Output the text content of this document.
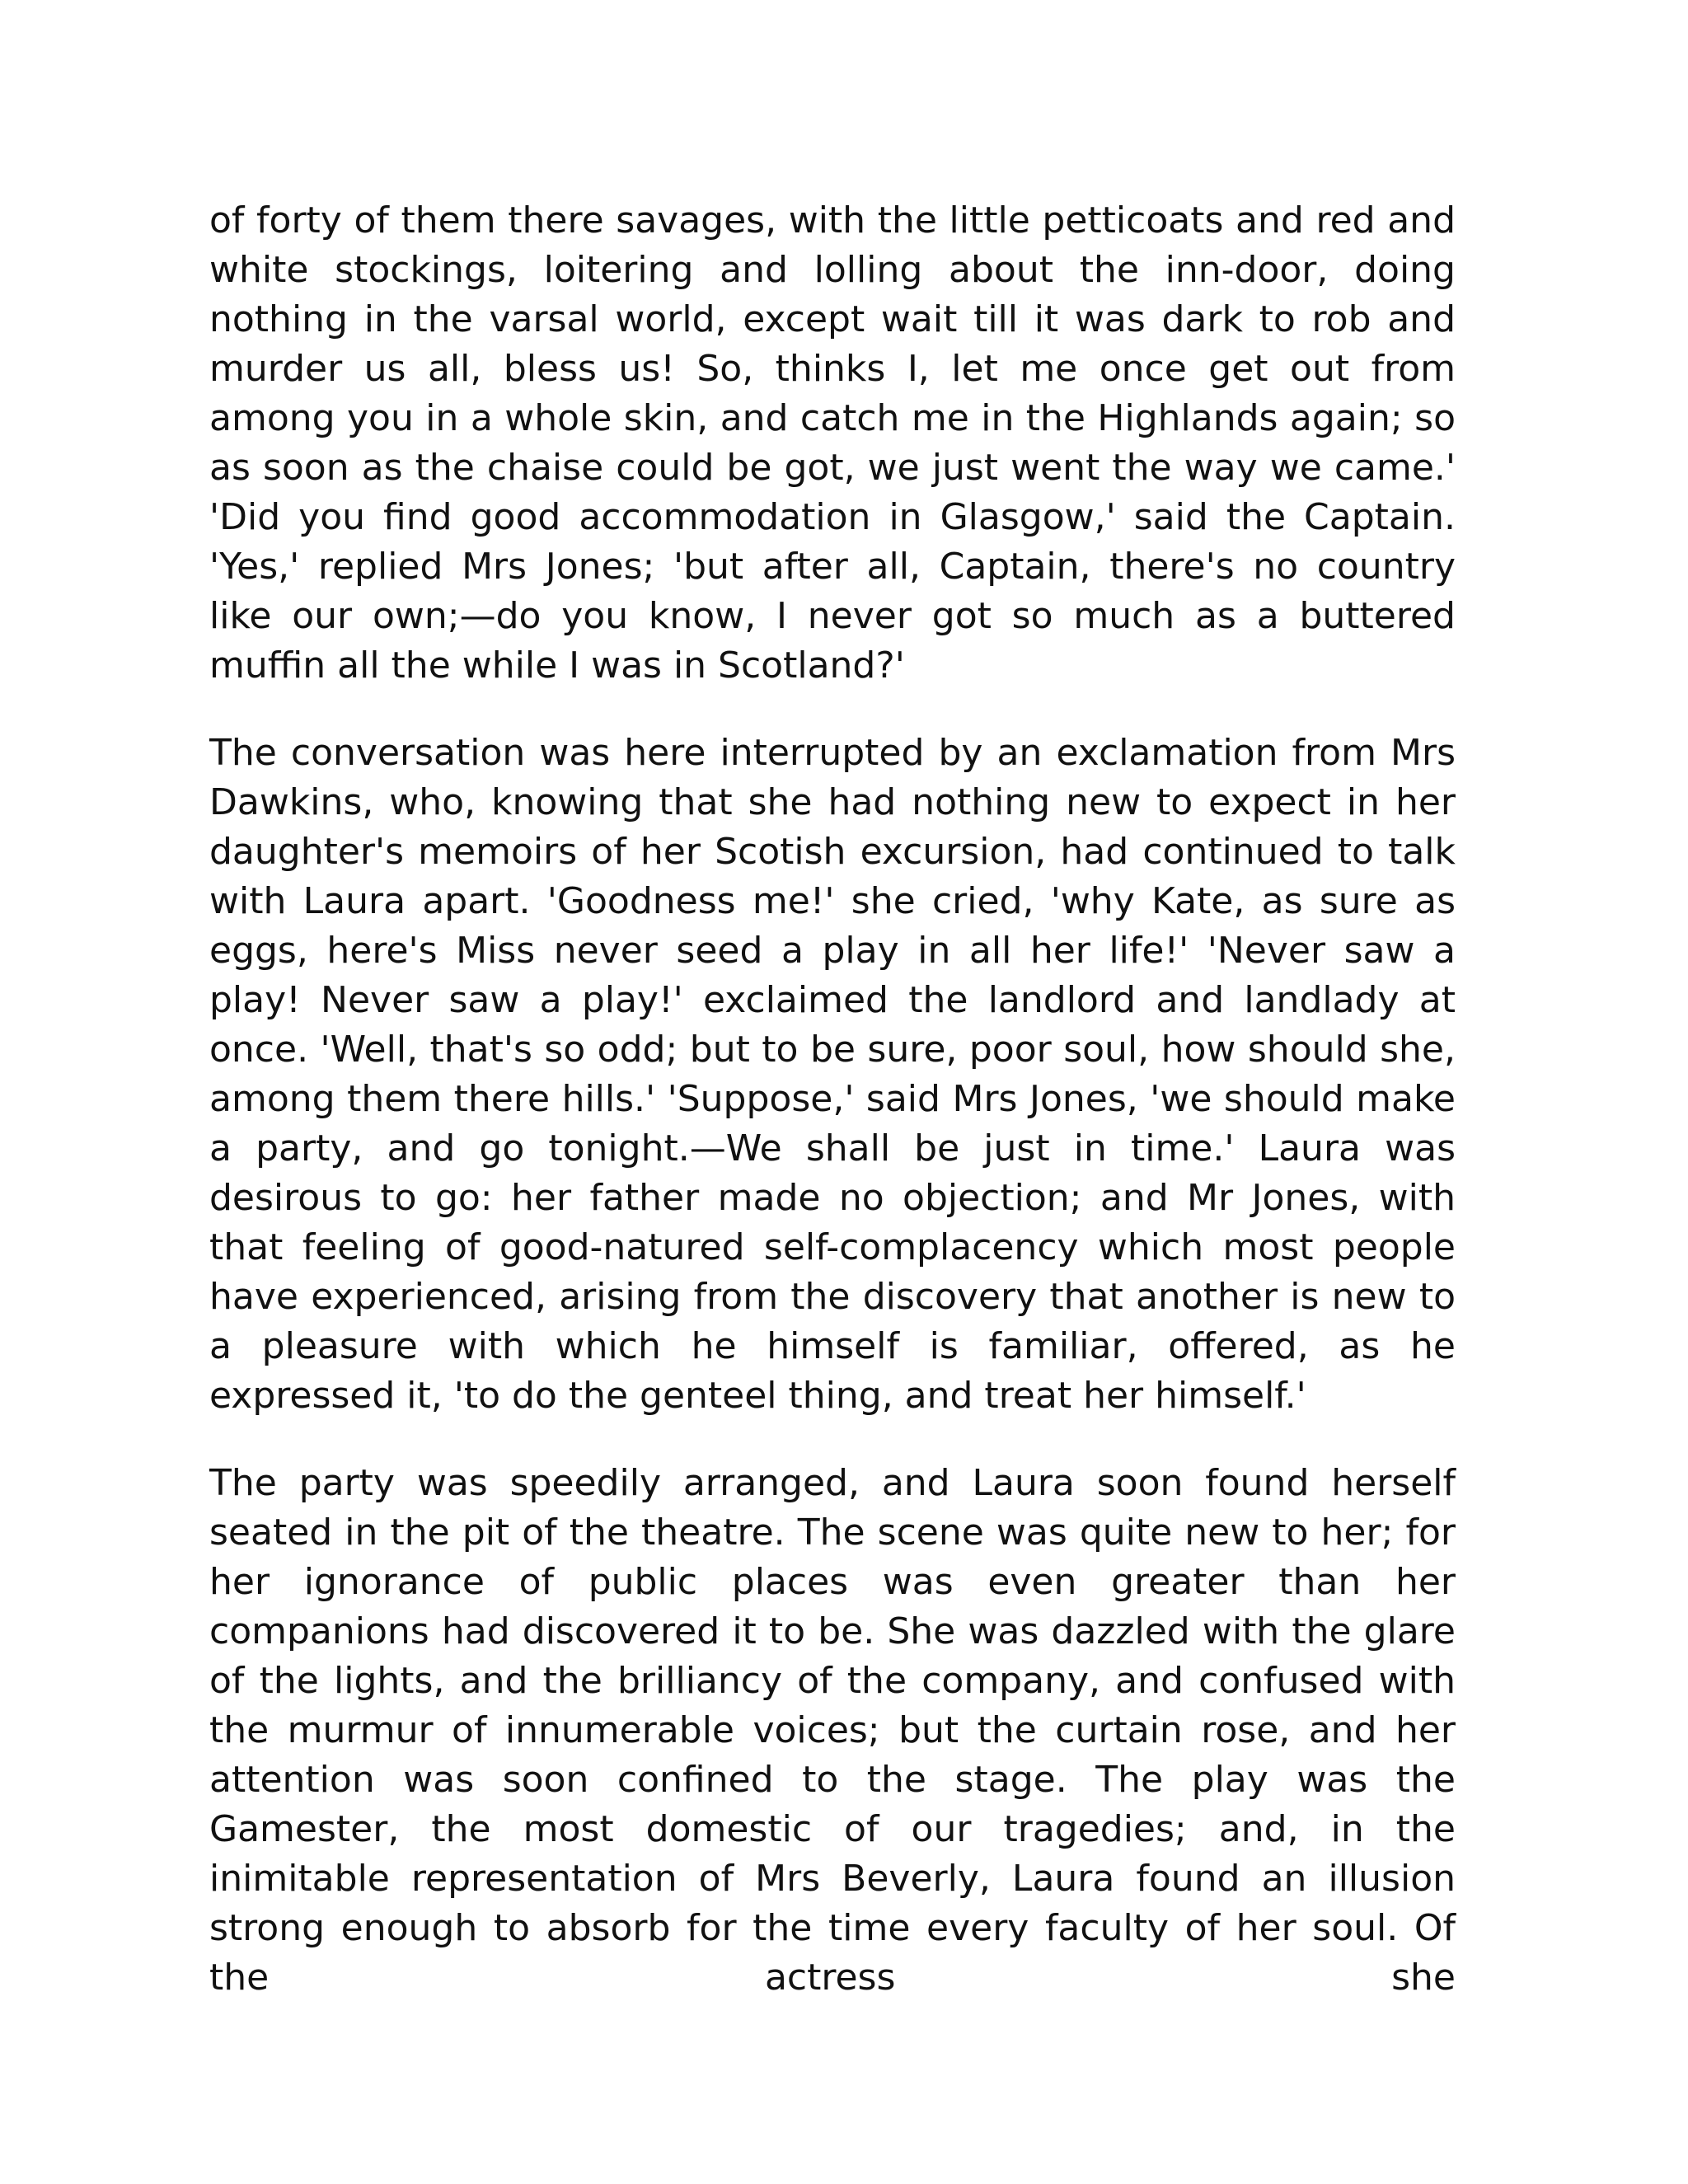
of forty of them there savages, with the little petticoats and red and white stockings, loitering and lolling about the inn-door, doing nothing in the varsal world, except wait till it was dark to rob and murder us all, bless us! So, thinks I, let me once get out from among you in a whole skin, and catch me in the Highlands again; so as soon as the chaise could be got, we just went the way we came.' 'Did you find good accommodation in Glasgow,' said the Captain. 'Yes,' replied Mrs Jones; 'but after all, Captain, there's no country like our own;—do you know, I never got so much as a buttered muffin all the while I was in Scotland?'

The conversation was here interrupted by an exclamation from Mrs Dawkins, who, knowing that she had nothing new to expect in her daughter's memoirs of her Scotish excursion, had continued to talk with Laura apart. 'Goodness me!' she cried, 'why Kate, as sure as eggs, here's Miss never seed a play in all her life!' 'Never saw a play! Never saw a play!' exclaimed the landlord and landlady at once. 'Well, that's so odd; but to be sure, poor soul, how should she, among them there hills.' 'Suppose,' said Mrs Jones, 'we should make a party, and go tonight.—We shall be just in time.' Laura was desirous to go: her father made no objection; and Mr Jones, with that feeling of good-natured self-complacency which most people have experienced, arising from the discovery that another is new to a pleasure with which he himself is familiar, offered, as he expressed it, 'to do the genteel thing, and treat her himself.'

The party was speedily arranged, and Laura soon found herself seated in the pit of the theatre. The scene was quite new to her; for her ignorance of public places was even greater than her companions had discovered it to be. She was dazzled with the glare of the lights, and the brilliancy of the company, and confused with the murmur of innumerable voices; but the curtain rose, and her attention was soon confined to the stage. The play was the Gamester, the most domestic of our tragedies; and, in the inimitable representation of Mrs Beverly, Laura found an illusion strong enough to absorb for the time every faculty of her soul. Of the actress she
